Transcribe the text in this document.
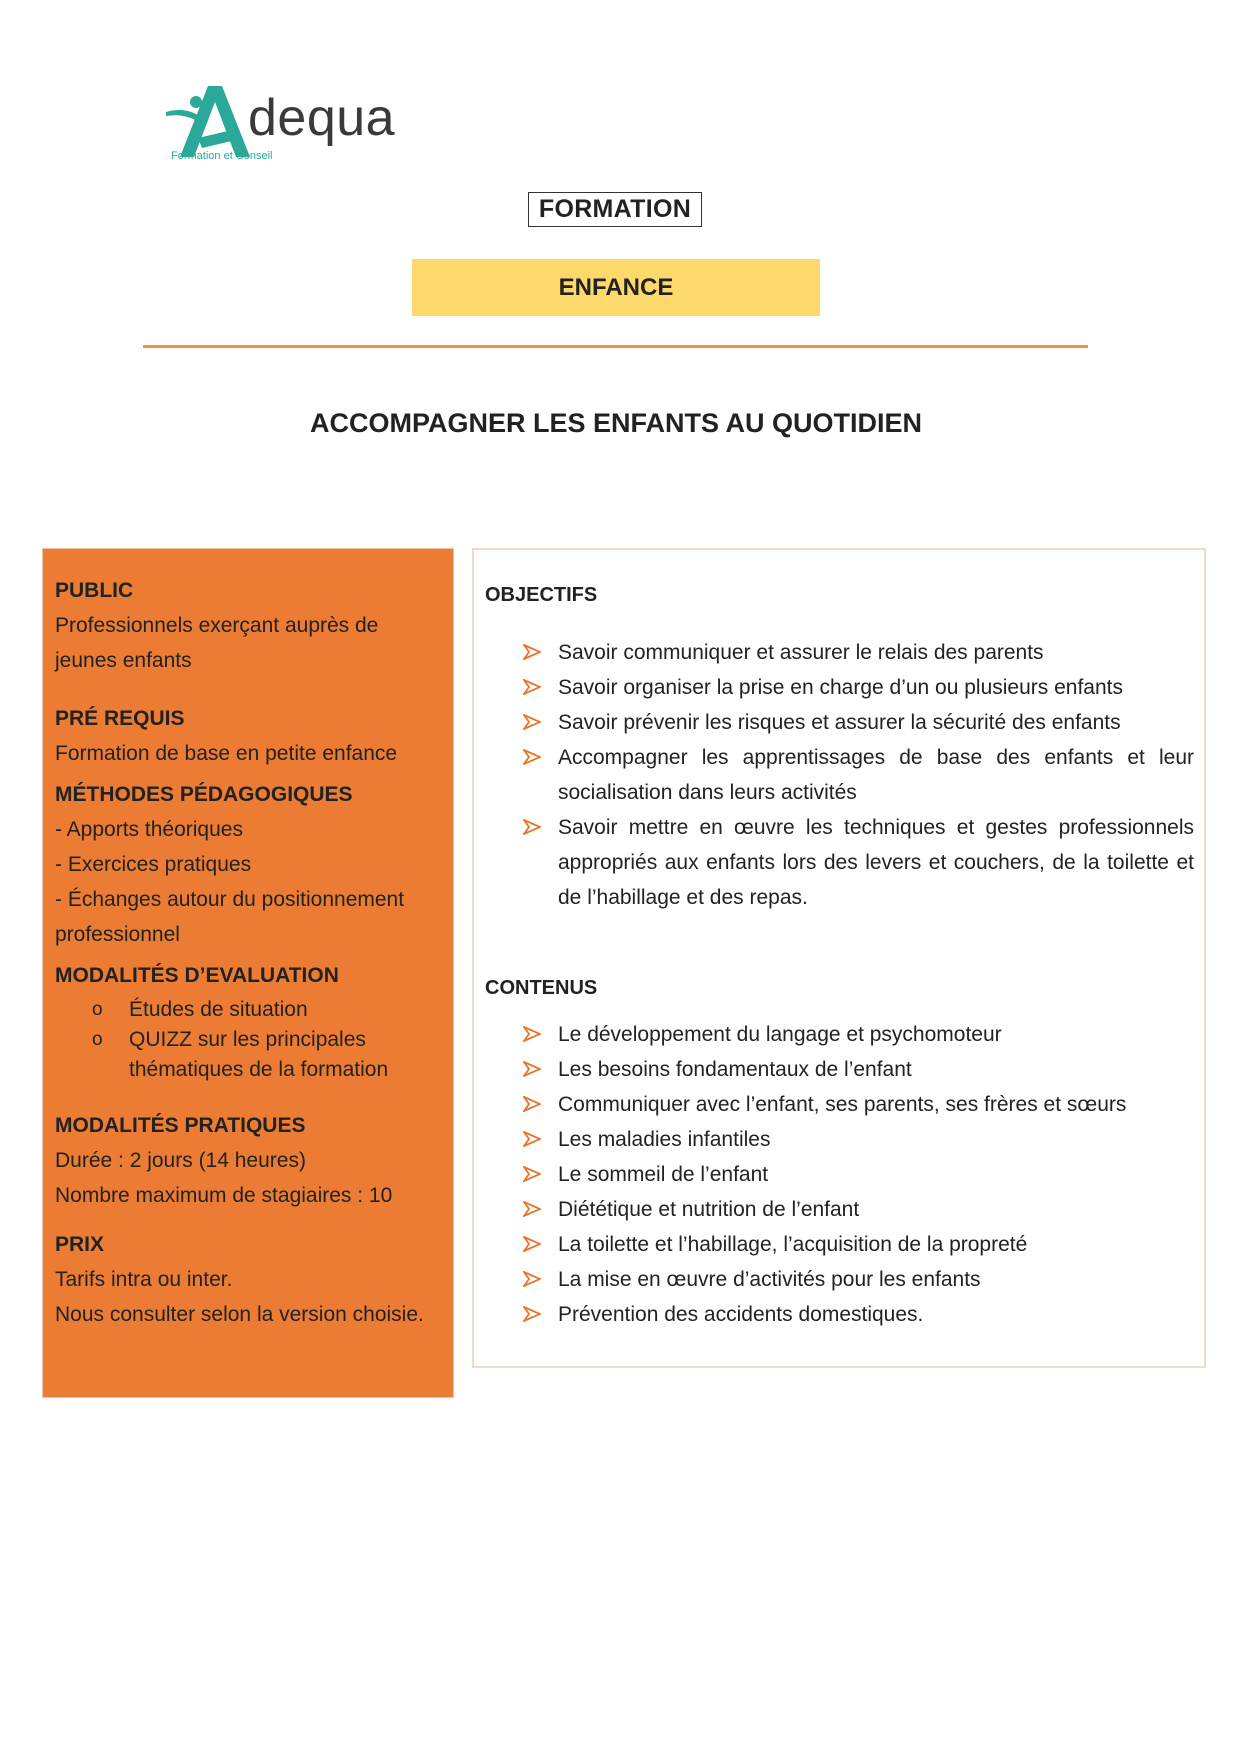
dequa
Formation et Conseil
FORMATION
ENFANCE
ACCOMPAGNER LES ENFANTS AU QUOTIDIEN
PUBLIC
Professionnels exerçant auprès de jeunes enfants
PRÉ REQUIS
Formation de base en petite enfance
MÉTHODES PÉDAGOGIQUES
- Apports théoriques
- Exercices pratiques
- Échanges autour du positionnement professionnel
MODALITÉS D’EVALUATION
o Études de situation
o QUIZZ sur les principales thématiques de la formation
MODALITÉS PRATIQUES
Durée : 2 jours (14 heures)
Nombre maximum de stagiaires : 10
PRIX
Tarifs intra ou inter.
Nous consulter selon la version choisie.
OBJECTIFS
Savoir communiquer et assurer le relais des parents
Savoir organiser la prise en charge d’un ou plusieurs enfants
Savoir prévenir les risques et assurer la sécurité des enfants
Accompagner les apprentissages de base des enfants et leur socialisation dans leurs activités
Savoir mettre en œuvre les techniques et gestes professionnels appropriés aux enfants lors des levers et couchers, de la toilette et de l’habillage et des repas.
CONTENUS
Le développement du langage et psychomoteur
Les besoins fondamentaux de l’enfant
Communiquer avec l’enfant, ses parents, ses frères et sœurs
Les maladies infantiles
Le sommeil de l’enfant
Diététique et nutrition de l’enfant
La toilette et l’habillage, l’acquisition de la propreté
La mise en œuvre d’activités pour les enfants
Prévention des accidents domestiques.
